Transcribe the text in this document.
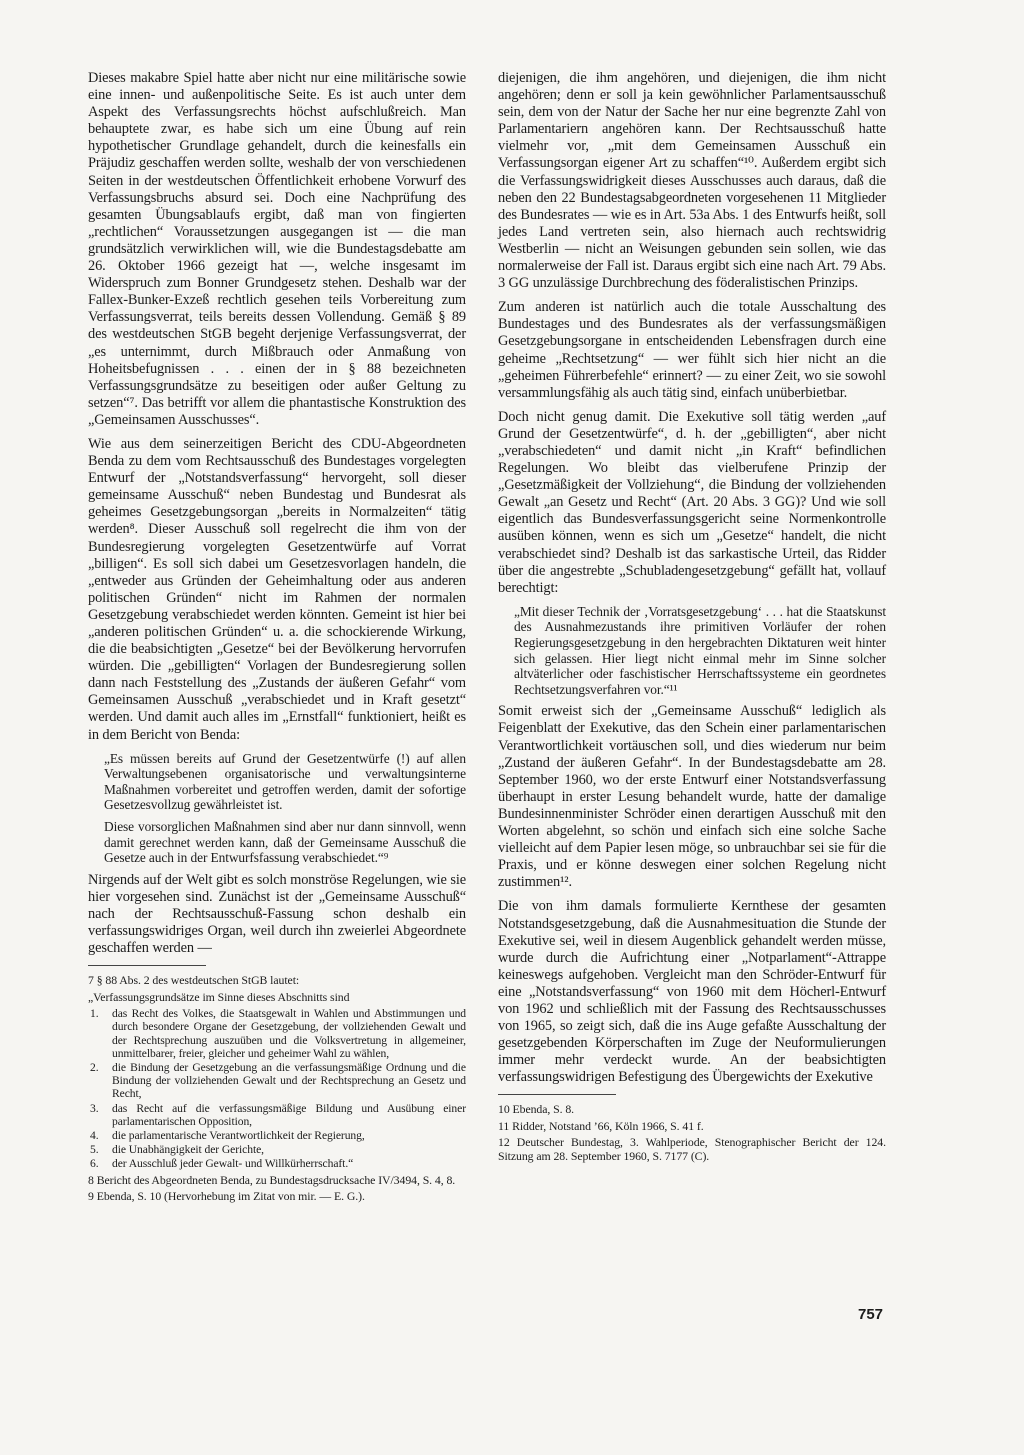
Dieses makabre Spiel hatte aber nicht nur eine militärische sowie eine innen- und außenpolitische Seite. Es ist auch unter dem Aspekt des Verfassungsrechts höchst aufschlußreich. Man behauptete zwar, es habe sich um eine Übung auf rein hypothetischer Grundlage gehandelt, durch die keinesfalls ein Präjudiz geschaffen werden sollte, weshalb der von verschiedenen Seiten in der westdeutschen Öffentlichkeit erhobene Vorwurf des Verfassungsbruchs absurd sei. Doch eine Nachprüfung des gesamten Übungsablaufs ergibt, daß man von fingierten „rechtlichen“ Voraussetzungen ausgegangen ist — die man grundsätzlich verwirklichen will, wie die Bundestagsdebatte am 26. Oktober 1966 gezeigt hat —, welche insgesamt im Widerspruch zum Bonner Grundgesetz stehen. Deshalb war der Fallex-Bunker-Exzeß rechtlich gesehen teils Vorbereitung zum Verfassungsverrat, teils bereits dessen Vollendung. Gemäß § 89 des westdeutschen StGB begeht derjenige Verfassungsverrat, der „es unternimmt, durch Mißbrauch oder Anmaßung von Hoheitsbefugnissen . . . einen der in § 88 bezeichneten Verfassungsgrundsätze zu beseitigen oder außer Geltung zu setzen“⁷. Das betrifft vor allem die phantastische Konstruktion des „Gemeinsamen Ausschusses“.

Wie aus dem seinerzeitigen Bericht des CDU-Abgeordneten Benda zu dem vom Rechtsausschuß des Bundestages vorgelegten Entwurf der „Notstandsverfassung“ hervorgeht, soll dieser gemeinsame Ausschuß“ neben Bundestag und Bundesrat als geheimes Gesetzgebungsorgan „bereits in Normalzeiten“ tätig werden⁸. Dieser Ausschuß soll regelrecht die ihm von der Bundesregierung vorgelegten Gesetzentwürfe auf Vorrat „billigen“. Es soll sich dabei um Gesetzesvorlagen handeln, die „entweder aus Gründen der Geheimhaltung oder aus anderen politischen Gründen“ nicht im Rahmen der normalen Gesetzgebung verabschiedet werden könnten. Gemeint ist hier bei „anderen politischen Gründen“ u. a. die schockierende Wirkung, die die beabsichtigten „Gesetze“ bei der Bevölkerung hervorrufen würden. Die „gebilligten“ Vorlagen der Bundesregierung sollen dann nach Feststellung des „Zustands der äußeren Gefahr“ vom Gemeinsamen Ausschuß „verabschiedet und in Kraft gesetzt“ werden. Und damit auch alles im „Ernstfall“ funktioniert, heißt es in dem Bericht von Benda:

„Es müssen bereits auf Grund der Gesetzentwürfe (!) auf allen Verwaltungsebenen organisatorische und verwaltungsinterne Maßnahmen vorbereitet und getroffen werden, damit der sofortige Gesetzesvollzug gewährleistet ist.

Diese vorsorglichen Maßnahmen sind aber nur dann sinnvoll, wenn damit gerechnet werden kann, daß der Gemeinsame Ausschuß die Gesetze auch in der Entwurfsfassung verabschiedet.“⁹

Nirgends auf der Welt gibt es solch monströse Regelungen, wie sie hier vorgesehen sind. Zunächst ist der „Gemeinsame Ausschuß“ nach der Rechtsausschuß-Fassung schon deshalb ein verfassungswidriges Organ, weil durch ihn zweierlei Abgeordnete geschaffen werden —

7 § 88 Abs. 2 des westdeutschen StGB lautet:
„Verfassungsgrundsätze im Sinne dieses Abschnitts sind
1.	das Recht des Volkes, die Staatsgewalt in Wahlen und Abstimmungen und durch besondere Organe der Gesetzgebung, der vollziehenden Gewalt und der Rechtsprechung auszuüben und die Volksvertretung in allgemeiner, unmittelbarer, freier, gleicher und geheimer Wahl zu wählen,
2.	die Bindung der Gesetzgebung an die verfassungsmäßige Ordnung und die Bindung der vollziehenden Gewalt und der Rechtsprechung an Gesetz und Recht,
3.	das Recht auf die verfassungsmäßige Bildung und Ausübung einer parlamentarischen Opposition,
4.	die parlamentarische Verantwortlichkeit der Regierung,
5.	die Unabhängigkeit der Gerichte,
6.	der Ausschluß jeder Gewalt- und Willkürherrschaft.“
8 Bericht des Abgeordneten Benda, zu Bundestagsdrucksache IV/3494, S. 4, 8.
9 Ebenda, S. 10 (Hervorhebung im Zitat von mir. — E. G.).

diejenigen, die ihm angehören, und diejenigen, die ihm nicht angehören; denn er soll ja kein gewöhnlicher Parlamentsausschuß sein, dem von der Natur der Sache her nur eine begrenzte Zahl von Parlamentariern angehören kann. Der Rechtsausschuß hatte vielmehr vor, „mit dem Gemeinsamen Ausschuß ein Verfassungsorgan eigener Art zu schaffen“¹⁰. Außerdem ergibt sich die Verfassungswidrigkeit dieses Ausschusses auch daraus, daß die neben den 22 Bundestagsabgeordneten vorgesehenen 11 Mitglieder des Bundesrates — wie es in Art. 53a Abs. 1 des Entwurfs heißt, soll jedes Land vertreten sein, also hiernach auch rechtswidrig Westberlin — nicht an Weisungen gebunden sein sollen, wie das normalerweise der Fall ist. Daraus ergibt sich eine nach Art. 79 Abs. 3 GG unzulässige Durchbrechung des föderalistischen Prinzips.

Zum anderen ist natürlich auch die totale Ausschaltung des Bundestages und des Bundesrates als der verfassungsmäßigen Gesetzgebungsorgane in entscheidenden Lebensfragen durch eine geheime „Rechtsetzung“ — wer fühlt sich hier nicht an die „geheimen Führerbefehle“ erinnert? — zu einer Zeit, wo sie sowohl versammlungsfähig als auch tätig sind, einfach unüberbietbar.

Doch nicht genug damit. Die Exekutive soll tätig werden „auf Grund der Gesetzentwürfe“, d. h. der „gebilligten“, aber nicht „verabschiedeten“ und damit nicht „in Kraft“ befindlichen Regelungen. Wo bleibt das vielberufene Prinzip der „Gesetzmäßigkeit der Vollziehung“, die Bindung der vollziehenden Gewalt „an Gesetz und Recht“ (Art. 20 Abs. 3 GG)? Und wie soll eigentlich das Bundesverfassungsgericht seine Normenkontrolle ausüben können, wenn es sich um „Gesetze“ handelt, die nicht verabschiedet sind? Deshalb ist das sarkastische Urteil, das Ridder über die angestrebte „Schubladengesetzgebung“ gefällt hat, vollauf berechtigt:

„Mit dieser Technik der ‚Vorratsgesetzgebung‘ . . . hat die Staatskunst des Ausnahmezustands ihre primitiven Vorläufer der rohen Regierungsgesetzgebung in den hergebrachten Diktaturen weit hinter sich gelassen. Hier liegt nicht einmal mehr im Sinne solcher altväterlicher oder faschistischer Herrschaftssysteme ein geordnetes Rechtsetzungsverfahren vor.“¹¹

Somit erweist sich der „Gemeinsame Ausschuß“ lediglich als Feigenblatt der Exekutive, das den Schein einer parlamentarischen Verantwortlichkeit vortäuschen soll, und dies wiederum nur beim „Zustand der äußeren Gefahr“. In der Bundestagsdebatte am 28. September 1960, wo der erste Entwurf einer Notstandsverfassung überhaupt in erster Lesung behandelt wurde, hatte der damalige Bundesinnenminister Schröder einen derartigen Ausschuß mit den Worten abgelehnt, so schön und einfach sich eine solche Sache vielleicht auf dem Papier lesen möge, so unbrauchbar sei sie für die Praxis, und er könne deswegen einer solchen Regelung nicht zustimmen¹².

Die von ihm damals formulierte Kernthese der gesamten Notstandsgesetzgebung, daß die Ausnahmesituation die Stunde der Exekutive sei, weil in diesem Augenblick gehandelt werden müsse, wurde durch die Aufrichtung einer „Notparlament“-Attrappe keineswegs aufgehoben. Vergleicht man den Schröder-Entwurf für eine „Notstandsverfassung“ von 1960 mit dem Höcherl-Entwurf von 1962 und schließlich mit der Fassung des Rechtsausschusses von 1965, so zeigt sich, daß die ins Auge gefaßte Ausschaltung der gesetzgebenden Körperschaften im Zuge der Neuformulierungen immer mehr verdeckt wurde. An der beabsichtigten verfassungswidrigen Befestigung des Übergewichts der Exekutive

10 Ebenda, S. 8.
11 Ridder, Notstand ’66, Köln 1966, S. 41 f.
12 Deutscher Bundestag, 3. Wahlperiode, Stenographischer Bericht der 124. Sitzung am 28. September 1960, S. 7177 (C).
757
